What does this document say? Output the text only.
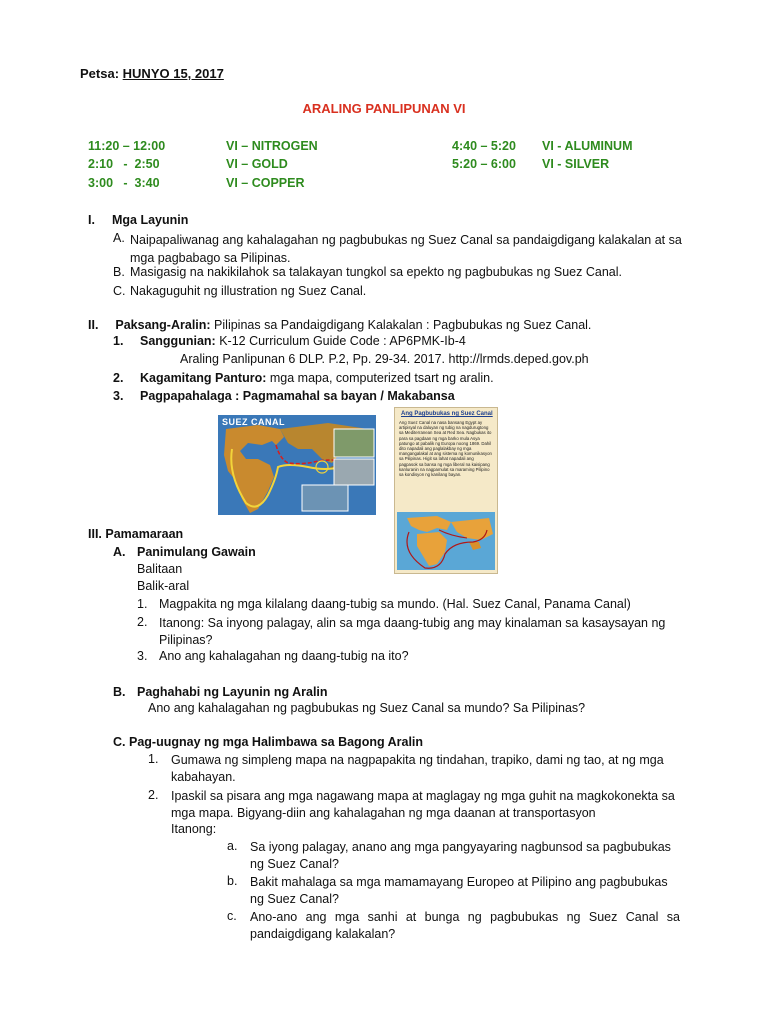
Petsa: HUNYO 15, 2017
ARALING PANLIPUNAN VI
11:20 – 12:00	VI – NITROGEN
2:10   -  2:50	VI – GOLD
3:00   -  3:40	VI – COPPER
4:40 – 5:20 VI - ALUMINUM
5:20 – 6:00 VI - SILVER
I. Mga Layunin
A. Naipapaliwanag ang kahalagahan ng pagbubukas ng Suez Canal sa pandaigdigang kalakalan at sa mga pagbabago sa Pilipinas.
B. Masigasig na nakikilahok sa talakayan tungkol sa epekto ng pagbubukas ng Suez Canal.
C. Nakaguguhit ng illustration ng Suez Canal.
II. Paksang-Aralin: Pilipinas sa Pandaigdigang Kalakalan : Pagbubukas ng Suez Canal.
1. Sanggunian: K-12 Curriculum Guide Code : AP6PMK-Ib-4
Araling Panlipunan 6 DLP. P.2, Pp. 29-34. 2017. http://lrmds.deped.gov.ph
2. Kagamitang Panturo: mga mapa, computerized tsart ng aralin.
3. Pagpapahalaga : Pagmamahal sa bayan / Makabansa
SUEZ CANAL
Ang Pagbubukas ng Suez Canal
Ang Suez Canal na nasa bansang Egypt ay artipisyal na daluyan ng tubig na nagdurugtong sa Mediterranean Sea at Red Sea. Nagbukas ito para sa pagdaan ng mga barko mula Asya patungo at pabalik ng Europa noong 1869. Dahil dito napadali ang paglalakbay ng mga mangangalakal at ang sistema ng komunikasyon sa Pilipinas. Higit sa lahat napadali ang pagpasok sa bansa ng mga liberal na kaisipang kanluranin na nagpamulat sa maraming Pilipino sa kondisyon ng kanilang bayan.
III. Pamamaraan
A. Panimulang Gawain
Balitaan
Balik-aral
1. Magpakita ng mga kilalang daang-tubig sa mundo. (Hal. Suez Canal, Panama Canal)
2. Itanong: Sa inyong palagay, alin sa mga daang-tubig ang may kinalaman sa kasaysayan ng Pilipinas?
3. Ano ang kahalagahan ng daang-tubig na ito?
B. Paghahabi ng Layunin ng Aralin
Ano ang kahalagahan ng pagbubukas ng Suez Canal sa mundo? Sa Pilipinas?
C. Pag-uugnay ng mga Halimbawa sa Bagong Aralin
1. Gumawa ng simpleng mapa na nagpapakita ng tindahan, trapiko, dami ng tao, at ng mga kabahayan.
2. Ipaskil sa pisara ang mga nagawang mapa at maglagay ng mga guhit na magkokonekta sa mga mapa. Bigyang-diin ang kahalagahan ng mga daanan at transportasyon
Itanong:
a. Sa iyong palagay, anano ang mga pangyayaring nagbunsod sa pagbubukas ng Suez Canal?
b. Bakit mahalaga sa mga mamamayang Europeo at Pilipino ang pagbubukas ng Suez Canal?
c. Ano-ano ang mga sanhi at bunga ng pagbubukas ng Suez Canal sa pandaigdigang kalakalan?
